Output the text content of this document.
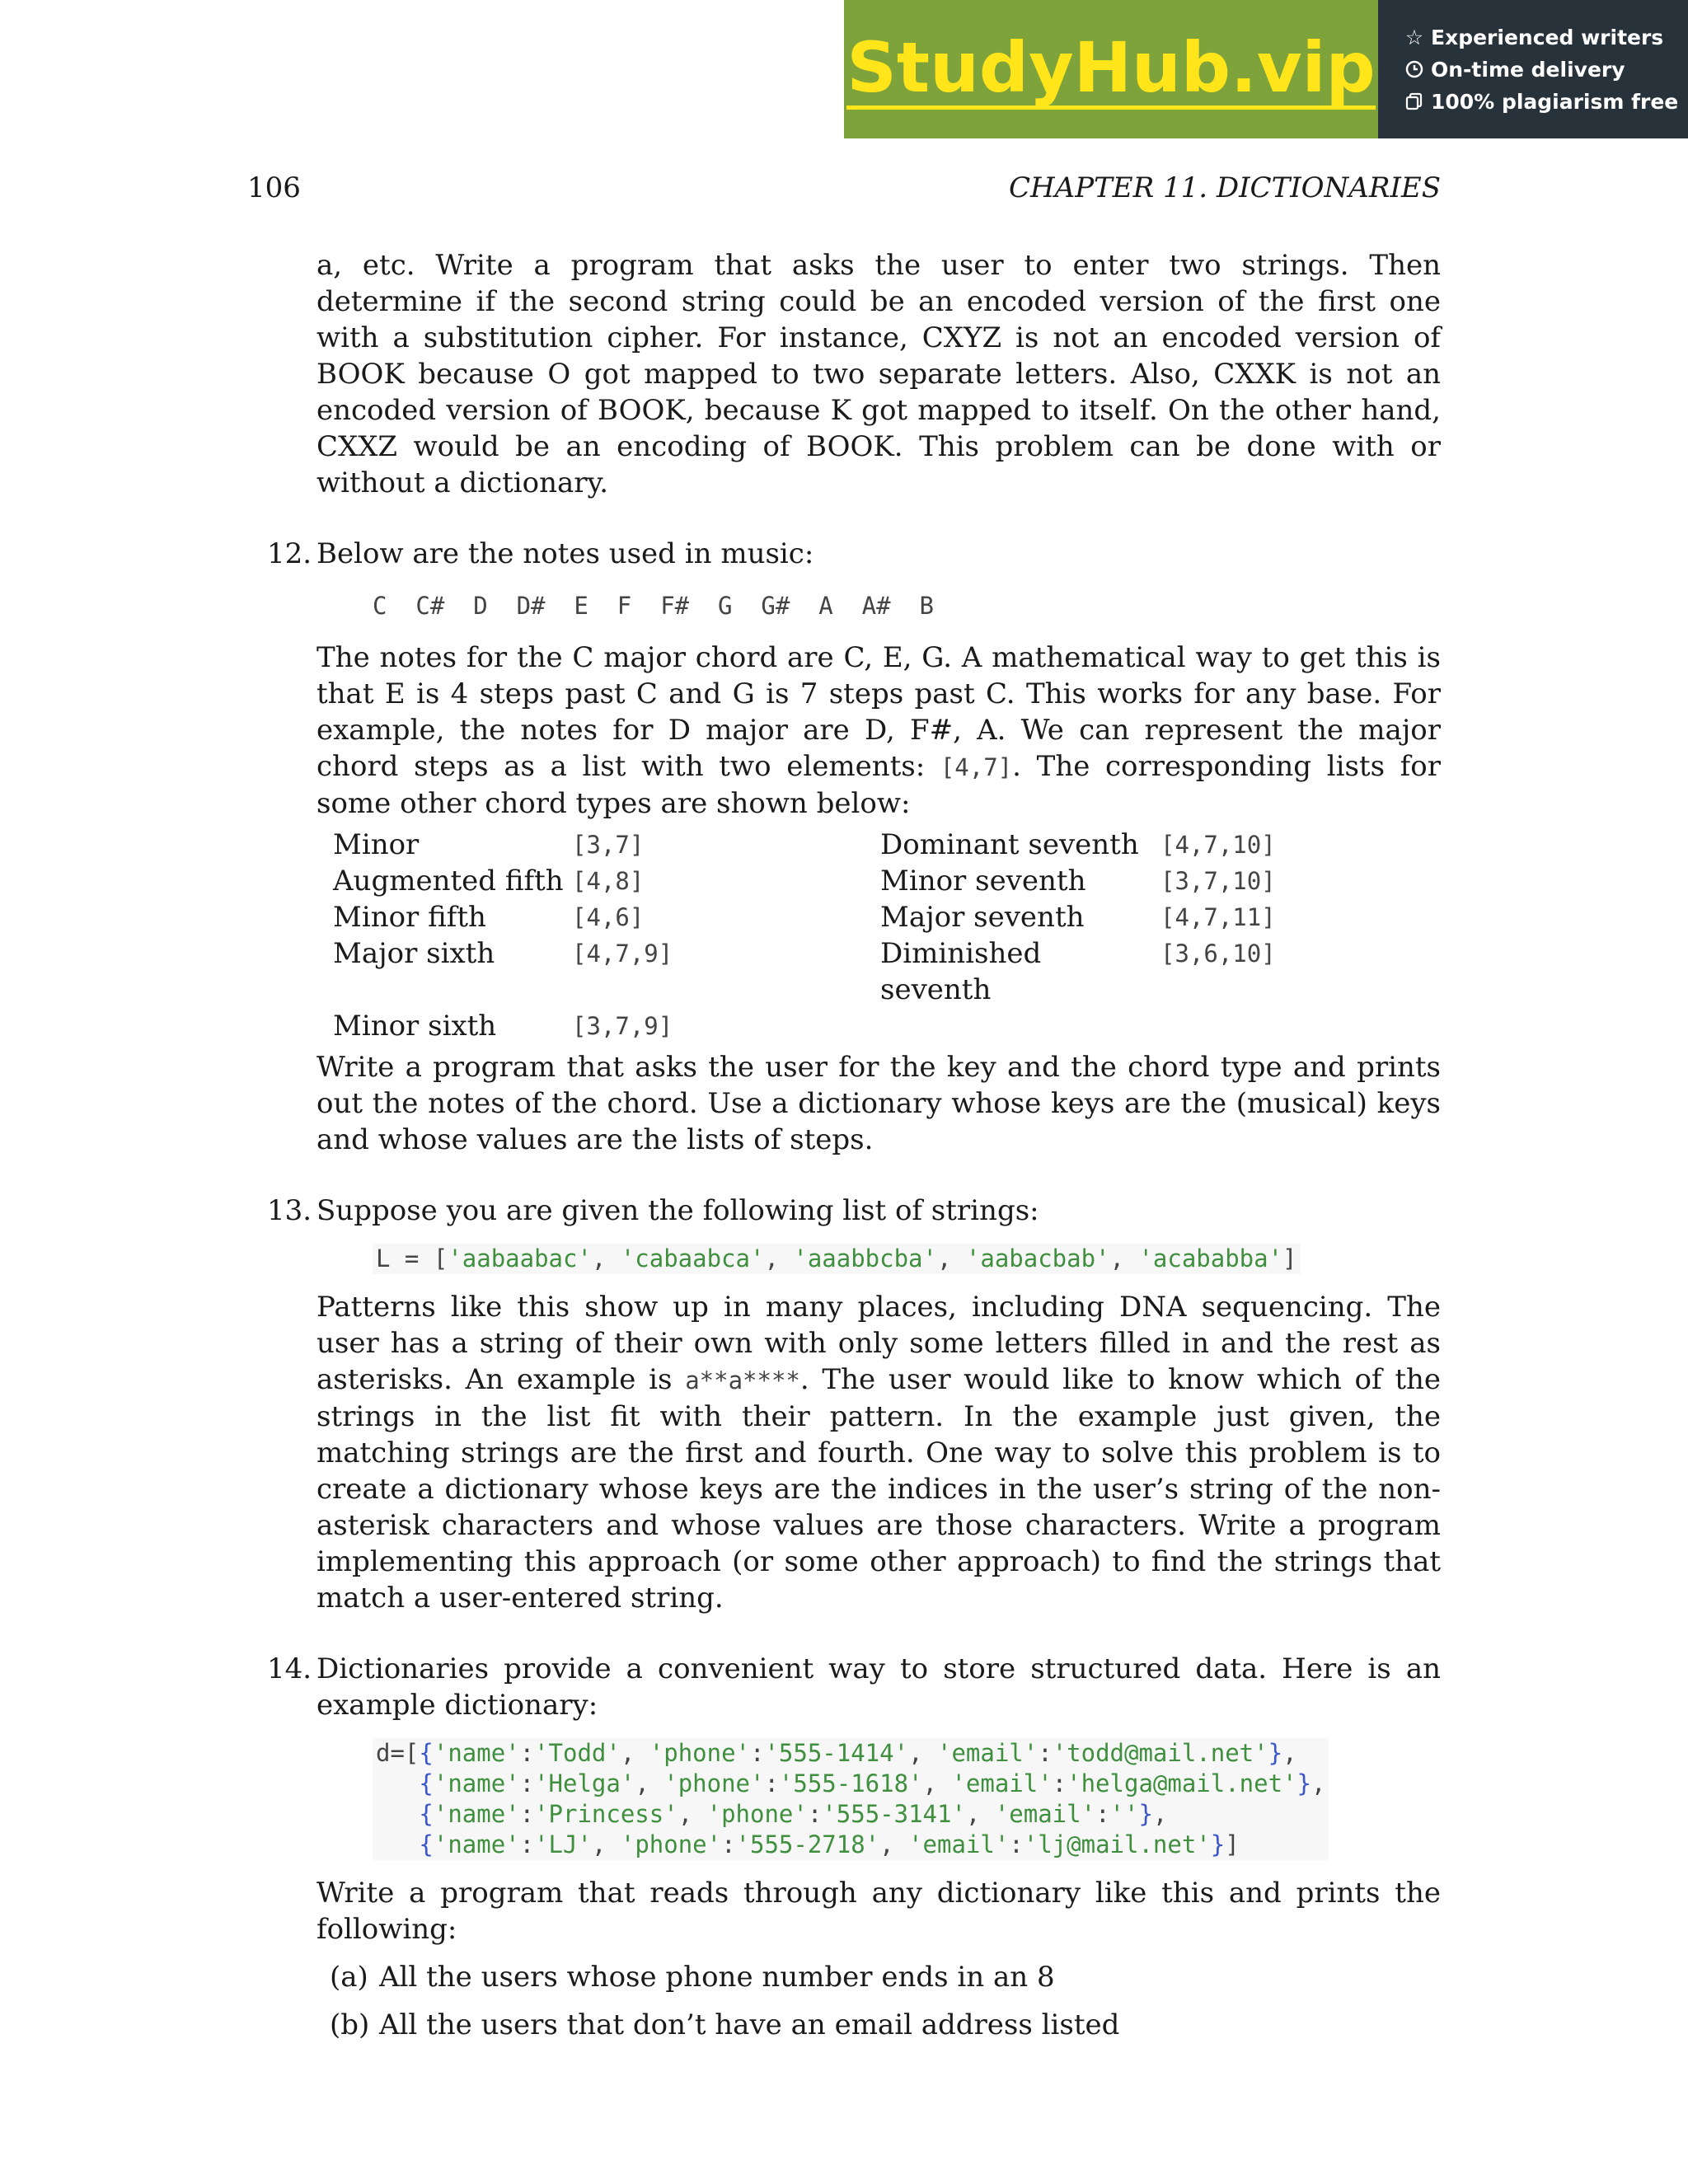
StudyHub.vip ☆ Experienced writers
On-time delivery
100% plagiarism free
106	CHAPTER 11. DICTIONARIES

a, etc. Write a program that asks the user to enter two strings. Then determine if the second string could be an encoded version of the first one with a substitution cipher. For instance, CXYZ is not an encoded version of BOOK because O got mapped to two separate letters. Also, CXXK is not an encoded version of BOOK, because K got mapped to itself. On the other hand, CXXZ would be an encoding of BOOK. This problem can be done with or without a dictionary.

12. Below are the notes used in music:

C  C#  D  D#  E  F  F#  G  G#  A  A#  B

The notes for the C major chord are C, E, G. A mathematical way to get this is that E is 4 steps past C and G is 7 steps past C. This works for any base. For example, the notes for D major are D, F#, A. We can represent the major chord steps as a list with two elements: [4,7]. The corresponding lists for some other chord types are shown below:

Minor	[3,7]	Dominant seventh	[4,7,10]
Augmented fifth	[4,8]	Minor seventh	[3,7,10]
Minor fifth	[4,6]	Major seventh	[4,7,11]
Major sixth	[4,7,9]	Diminished seventh	[3,6,10]
Minor sixth	[3,7,9]		

Write a program that asks the user for the key and the chord type and prints out the notes of the chord. Use a dictionary whose keys are the (musical) keys and whose values are the lists of steps.

13. Suppose you are given the following list of strings:

L = ['aabaabac', 'cabaabca', 'aaabbcba', 'aabacbab', 'acababba']

Patterns like this show up in many places, including DNA sequencing. The user has a string of their own with only some letters filled in and the rest as asterisks. An example is a**a****. The user would like to know which of the strings in the list fit with their pattern. In the example just given, the matching strings are the first and fourth. One way to solve this problem is to create a dictionary whose keys are the indices in the user’s string of the non-asterisk characters and whose values are those characters. Write a program implementing this approach (or some other approach) to find the strings that match a user-entered string.

14. Dictionaries provide a convenient way to store structured data. Here is an example dictionary:

d=[{'name':'Todd', 'phone':'555-1414', 'email':'todd@mail.net'},
{'name':'Helga', 'phone':'555-1618', 'email':'helga@mail.net'},
{'name':'Princess', 'phone':'555-3141', 'email':''},
{'name':'LJ', 'phone':'555-2718', 'email':'lj@mail.net'}]

Write a program that reads through any dictionary like this and prints the following:

(a) All the users whose phone number ends in an 8
(b) All the users that don’t have an email address listed
